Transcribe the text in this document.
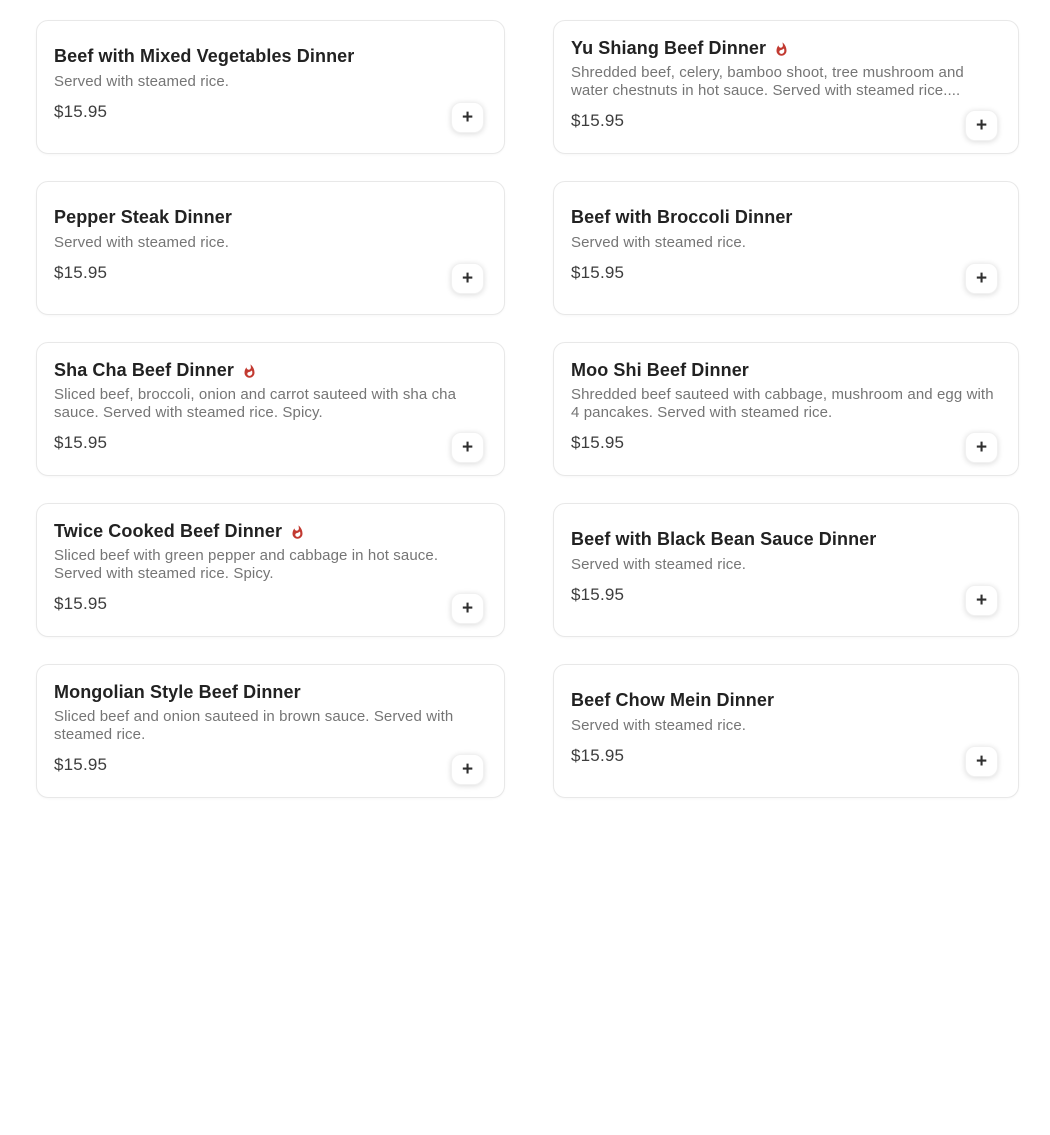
Beef with Mixed Vegetables Dinner
Served with steamed rice.
$15.95	+
Yu Shiang Beef Dinner
Shredded beef, celery, bamboo shoot, tree mushroom and water chestnuts in hot sauce. Served with steamed rice....
$15.95	+
Pepper Steak Dinner
Served with steamed rice.
$15.95	+
Beef with Broccoli Dinner
Served with steamed rice.
$15.95	+
Sha Cha Beef Dinner
Sliced beef, broccoli, onion and carrot sauteed with sha cha sauce. Served with steamed rice. Spicy.
$15.95	+
Moo Shi Beef Dinner
Shredded beef sauteed with cabbage, mushroom and egg with 4 pancakes. Served with steamed rice.
$15.95	+
Twice Cooked Beef Dinner
Sliced beef with green pepper and cabbage in hot sauce. Served with steamed rice. Spicy.
$15.95	+
Beef with Black Bean Sauce Dinner
Served with steamed rice.
$15.95	+
Mongolian Style Beef Dinner
Sliced beef and onion sauteed in brown sauce. Served with steamed rice.
$15.95	+
Beef Chow Mein Dinner
Served with steamed rice.
$15.95	+
